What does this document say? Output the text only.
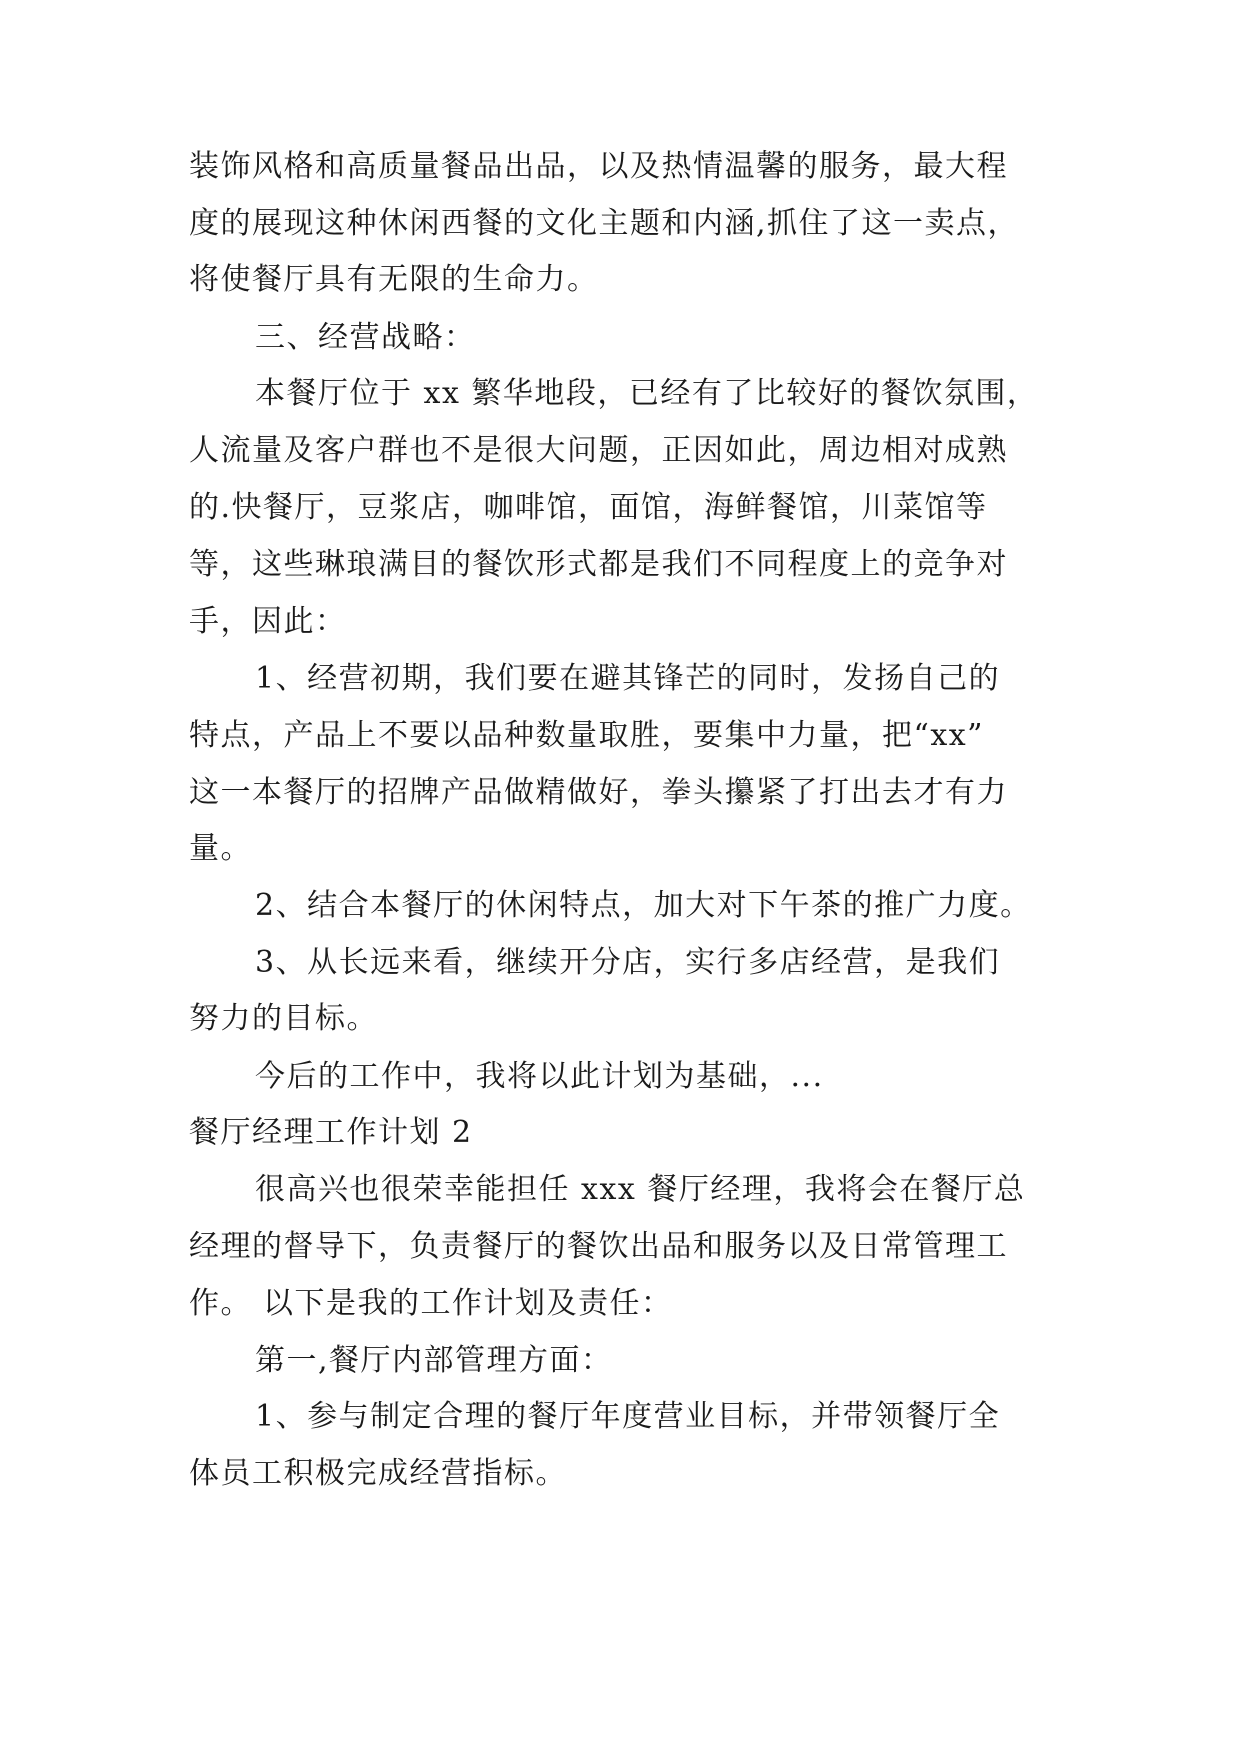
装饰风格和高质量餐品出品，以及热情温馨的服务，最大程
度的展现这种休闲西餐的文化主题和内涵,抓住了这一卖点，
将使餐厅具有无限的生命力。
三、经营战略：
本餐厅位于 xx 繁华地段，已经有了比较好的餐饮氛围，
人流量及客户群也不是很大问题，正因如此，周边相对成熟
的.快餐厅，豆浆店，咖啡馆，面馆，海鲜餐馆，川菜馆等
等，这些琳琅满目的餐饮形式都是我们不同程度上的竞争对
手，因此：
1、经营初期，我们要在避其锋芒的同时，发扬自己的
特点，产品上不要以品种数量取胜，要集中力量，把“xx”
这一本餐厅的招牌产品做精做好，拳头攥紧了打出去才有力
量。
2、结合本餐厅的休闲特点，加大对下午茶的推广力度。
3、从长远来看，继续开分店，实行多店经营，是我们
努力的目标。
今后的工作中，我将以此计划为基础，...
餐厅经理工作计划 2
很高兴也很荣幸能担任 xxx 餐厅经理，我将会在餐厅总
经理的督导下，负责餐厅的餐饮出品和服务以及日常管理工
作。 以下是我的工作计划及责任：
第一,餐厅内部管理方面：
1、参与制定合理的餐厅年度营业目标，并带领餐厅全
体员工积极完成经营指标。
